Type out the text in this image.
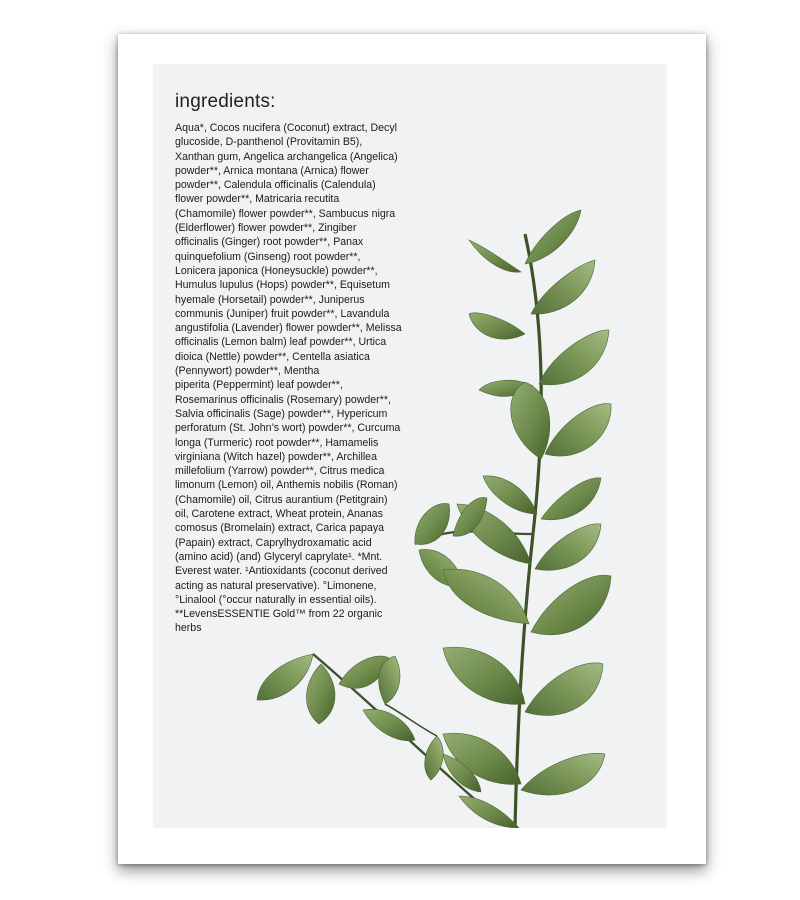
ingredients:
Aqua*, Cocos nucifera (Coconut) extract, Decyl
glucoside, D-panthenol (Provitamin B5),
Xanthan gum, Angelica archangelica (Angelica)
powder**, Arnica montana (Arnica) flower
powder**, Calendula officinalis (Calendula)
flower powder**, Matricaria recutita
(Chamomile) flower powder**, Sambucus nigra
(Elderflower) flower powder**, Zingiber
officinalis (Ginger) root powder**, Panax
quinquefolium (Ginseng) root powder**,
Lonicera japonica (Honeysuckle) powder**,
Humulus lupulus (Hops) powder**, Equisetum
hyemale (Horsetail) powder**, Juniperus
communis (Juniper) fruit powder**, Lavandula
angustifolia (Lavender) flower powder**, Melissa
officinalis (Lemon balm) leaf powder**, Urtica
dioica (Nettle) powder**, Centella asiatica
(Pennywort) powder**, Mentha
piperita (Peppermint) leaf powder**,
Rosemarinus officinalis (Rosemary) powder**,
Salvia officinalis (Sage) powder**, Hypericum
perforatum (St. John’s wort) powder**, Curcuma
longa (Turmeric) root powder**, Hamamelis
virginiana (Witch hazel) powder**, Archillea
millefolium (Yarrow) powder**, Citrus medica
limonum (Lemon) oil, Anthemis nobilis (Roman)
(Chamomile) oil, Citrus aurantium (Petitgrain)
oil, Carotene extract, Wheat protein, Ananas
comosus (Bromelain) extract, Carica papaya
(Papain) extract, Caprylhydroxamatic acid
(amino acid) (and) Glyceryl caprylate¹. *Mnt.
Everest water. ¹Antioxidants (coconut derived
acting as natural preservative). °Limonene,
°Linalool (°occur naturally in essential oils).
**LevensESSENTIE Gold™ from 22 organic
herbs
